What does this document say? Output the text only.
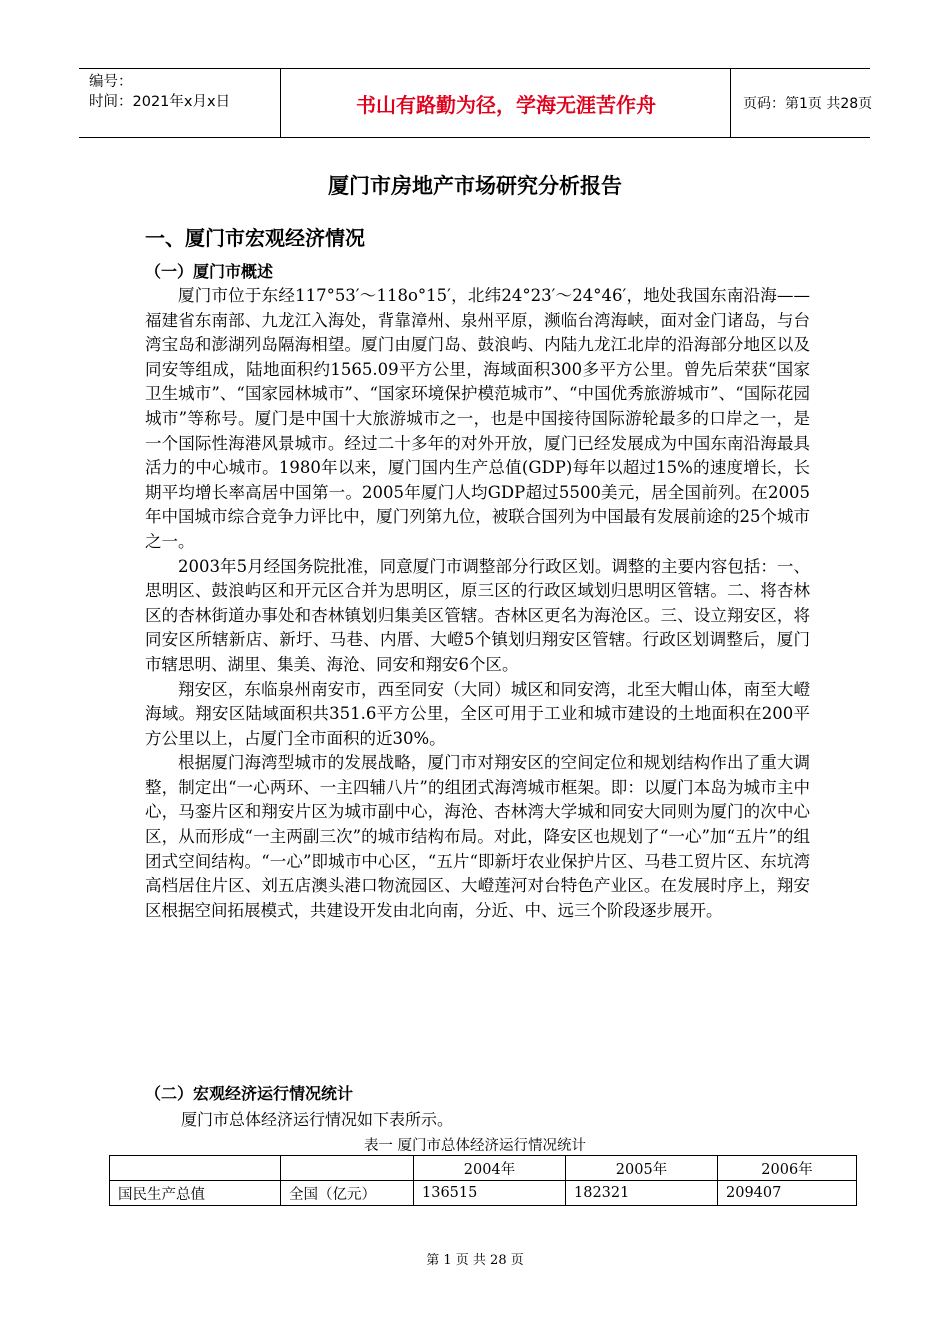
编号：
时间：2021年x月x日	书山有路勤为径，学海无涯苦作舟	页码：第1页 共28页
厦门市房地产市场研究分析报告
一、厦门市宏观经济情况
（一）厦门市概述

厦门市位于东经117°53′～118o°15′，北纬24°23′～24°46′，地处我国东南沿海——福建省东南部、九龙江入海处，背靠漳州、泉州平原，濒临台湾海峡，面对金门诸岛，与台湾宝岛和澎湖列岛隔海相望。厦门由厦门岛、鼓浪屿、内陆九龙江北岸的沿海部分地区以及同安等组成，陆地面积约1565.09平方公里，海域面积300多平方公里。曾先后荣获“国家卫生城市”、“国家园林城市”、“国家环境保护模范城市”、“中国优秀旅游城市”、“国际花园城市”等称号。厦门是中国十大旅游城市之一，也是中国接待国际游轮最多的口岸之一，是一个国际性海港风景城市。经过二十多年的对外开放，厦门已经发展成为中国东南沿海最具活力的中心城市。1980年以来，厦门国内生产总值(GDP)每年以超过15%的速度增长，长期平均增长率高居中国第一。2005年厦门人均GDP超过5500美元，居全国前列。在2005年中国城市综合竞争力评比中，厦门列第九位，被联合国列为中国最有发展前途的25个城市之一。

2003年5月经国务院批准，同意厦门市调整部分行政区划。调整的主要内容包括：一、思明区、鼓浪屿区和开元区合并为思明区，原三区的行政区域划归思明区管辖。二、将杏林区的杏林街道办事处和杏林镇划归集美区管辖。杏林区更名为海沧区。三、设立翔安区，将同安区所辖新店、新圩、马巷、内厝、大嶝5个镇划归翔安区管辖。行政区划调整后，厦门市辖思明、湖里、集美、海沧、同安和翔安6个区。

翔安区，东临泉州南安市，西至同安（大同）城区和同安湾，北至大帽山体，南至大嶝海域。翔安区陆域面积共351.6平方公里，全区可用于工业和城市建设的土地面积在200平方公里以上，占厦门全市面积的近30%。

根据厦门海湾型城市的发展战略，厦门市对翔安区的空间定位和规划结构作出了重大调整，制定出“一心两环、一主四辅八片”的组团式海湾城市框架。即：以厦门本岛为城市主中心，马銮片区和翔安片区为城市副中心，海沧、杏林湾大学城和同安大同则为厦门的次中心区，从而形成“一主两副三次”的城市结构布局。对此，降安区也规划了“一心”加“五片”的组团式空间结构。“一心”即城市中心区，“五片“即新圩农业保护片区、马巷工贸片区、东坑湾高档居住片区、刘五店澳头港口物流园区、大嶝莲河对台特色产业区。在发展时序上，翔安区根据空间拓展模式，共建设开发由北向南，分近、中、远三个阶段逐步展开。

（二）宏观经济运行情况统计
厦门市总体经济运行情况如下表所示。
表一 厦门市总体经济运行情况统计
		2004年	2005年	2006年
国民生产总值	全国（亿元）	136515	182321	209407
第 1 页 共 28 页
